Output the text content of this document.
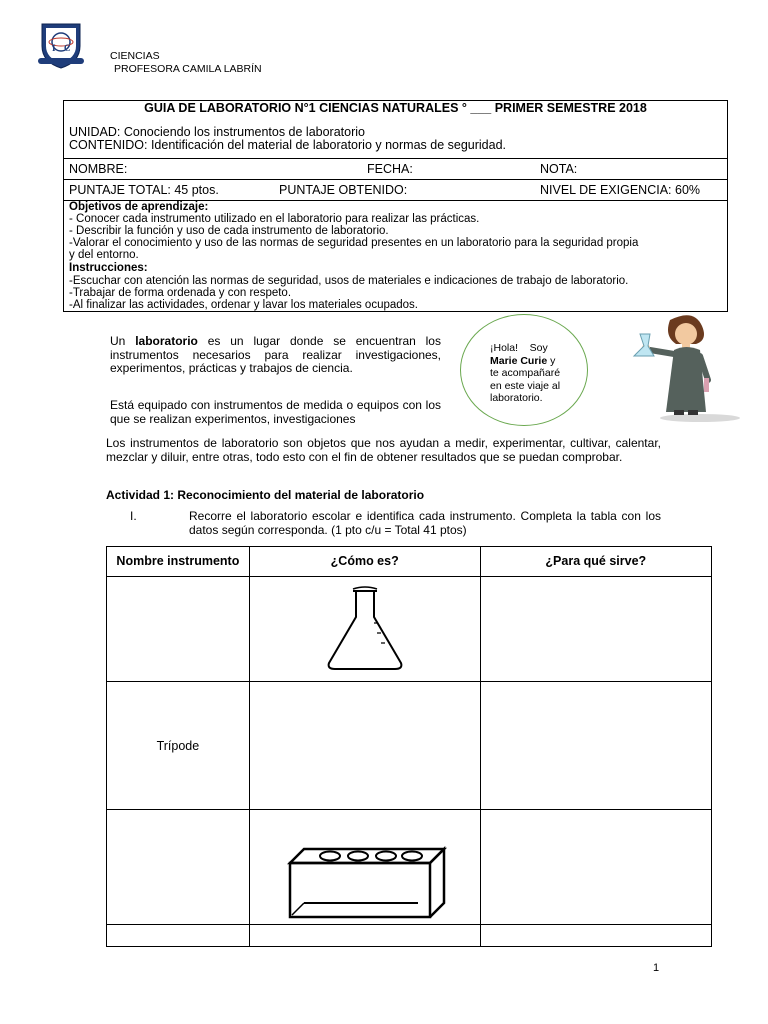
I C
CIENCIAS
PROFESORA CAMILA LABRÍN
GUIA DE LABORATORIO N°1 CIENCIAS NATURALES ° ___ PRIMER SEMESTRE 2018
UNIDAD: Conociendo los instrumentos de laboratorio
CONTENIDO: Identificación del material de laboratorio y normas de seguridad.
NOMBRE:	FECHA:	NOTA:
PUNTAJE TOTAL: 45 ptos.	PUNTAJE OBTENIDO:	NIVEL DE EXIGENCIA: 60%
Objetivos de aprendizaje:
- Conocer cada instrumento utilizado en el laboratorio para realizar las prácticas.
- Describir la función y uso de cada instrumento de laboratorio.
-Valorar el conocimiento y uso de las normas de seguridad presentes en un laboratorio para la seguridad propia
y del entorno.
Instrucciones:
-Escuchar con atención las normas de seguridad, usos de materiales e indicaciones de trabajo de laboratorio.
-Trabajar de forma ordenada y con respeto.
-Al finalizar las actividades, ordenar y lavar los materiales ocupados.
Un laboratorio es un lugar donde se encuentran los instrumentos necesarios para realizar investigaciones, experimentos, prácticas y trabajos de ciencia.
Está equipado con instrumentos de medida o equipos con los que se realizan experimentos, investigaciones
¡Hola!    Soy
Marie Curie y
te acompañaré
en este viaje al
laboratorio.
Los instrumentos de laboratorio son objetos que nos ayudan a medir, experimentar, cultivar, calentar, mezclar y diluir, entre otras, todo esto con el fin de obtener resultados que se puedan comprobar.
Actividad 1: Reconocimiento del material de laboratorio
I.	Recorre el laboratorio escolar e identifica cada instrumento. Completa la tabla con los datos según corresponda. (1 pto c/u = Total 41 ptos)
Nombre instrumento	¿Cómo es?	¿Para qué sirve?

Trípode		

1
